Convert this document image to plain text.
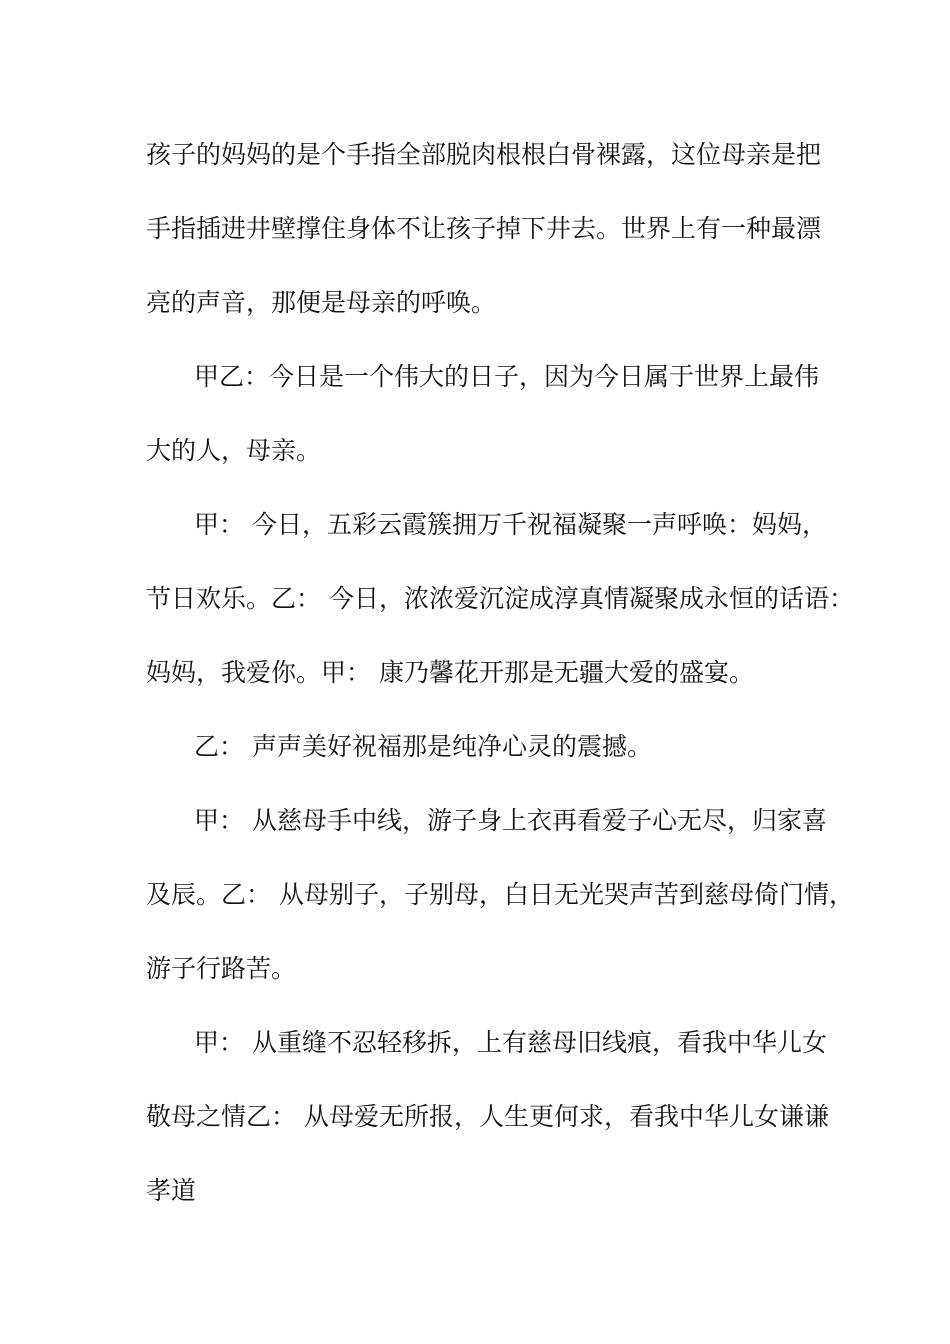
孩子的妈妈的是个手指全部脱肉根根白骨裸露，这位母亲是把
手指插进井壁撑住身体不让孩子掉下井去。世界上有一种最漂
亮的声音，那便是母亲的呼唤。
甲乙：今日是一个伟大的日子，因为今日属于世界上最伟
大的人，母亲。
甲： 今日，五彩云霞簇拥万千祝福凝聚一声呼唤：妈妈，
节日欢乐。乙： 今日，浓浓爱沉淀成淳真情凝聚成永恒的话语：
妈妈，我爱你。甲： 康乃馨花开那是无疆大爱的盛宴。
乙： 声声美好祝福那是纯净心灵的震撼。
甲： 从慈母手中线，游子身上衣再看爱子心无尽，归家喜
及辰。乙： 从母别子，子别母，白日无光哭声苦到慈母倚门情，
游子行路苦。
甲： 从重缝不忍轻移拆，上有慈母旧线痕，看我中华儿女
敬母之情乙： 从母爱无所报，人生更何求，看我中华儿女谦谦
孝道
